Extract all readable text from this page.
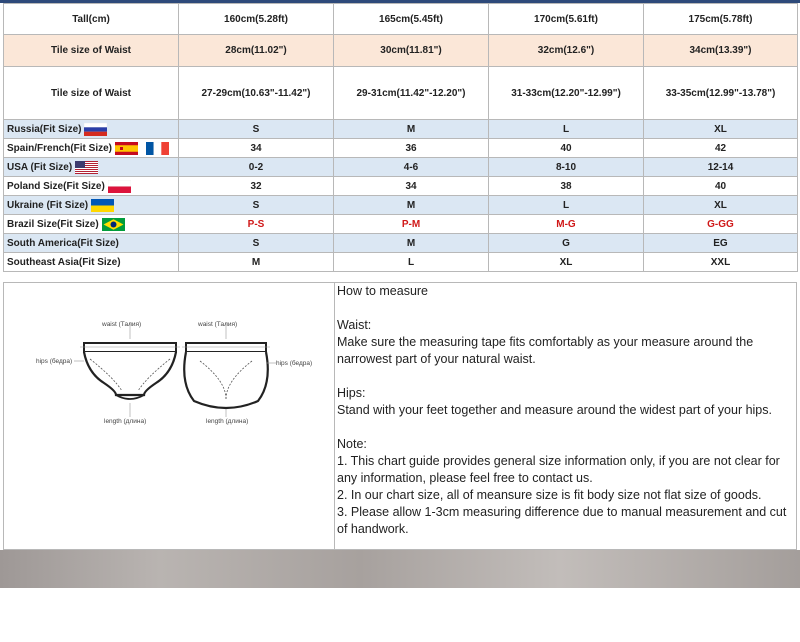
Tall(cm)	160cm(5.28ft)	165cm(5.45ft)	170cm(5.61ft)	175cm(5.78ft)
Tile size of Waist	28cm(11.02")	30cm(11.81")	32cm(12.6")	34cm(13.39")
Tile size of Waist	27-29cm(10.63"-11.42")	29-31cm(11.42"-12.20")	31-33cm(12.20"-12.99")	33-35cm(12.99"-13.78")

Russia(Fit Size)	S	M	L	XL

Spain/French(Fit Size)	34	36	40	42

USA (Fit Size)	0-2	4-6	8-10	12-14

Poland Size(Fit Size)	32	34	38	40

Ukraine (Fit Size)	S	M	L	XL

Brazil Size(Fit Size)	P-S	P-M	M-G	G-GG
South America(Fit Size)	S	M	G	EG
Southeast Asia(Fit Size)	M	L	XL	XXL
waist (Талия)
hips (бедра)
length (длина)
waist (Талия)
hips (бедра)
length (длина)

How to measure

Waist:

Make sure the measuring tape fits comfortably as your measure around the narrowest part of your natural waist.

Hips:

Stand with your feet together and measure around the widest part of your hips.

Note:

1. This chart guide provides general size information only, if you are not clear for any information, please feel free to contact us.

2. In our chart size, all of meansure size is fit body size not flat size of goods.

3. Please allow 1-3cm measuring difference due to manual measurement and cut of handwork.
